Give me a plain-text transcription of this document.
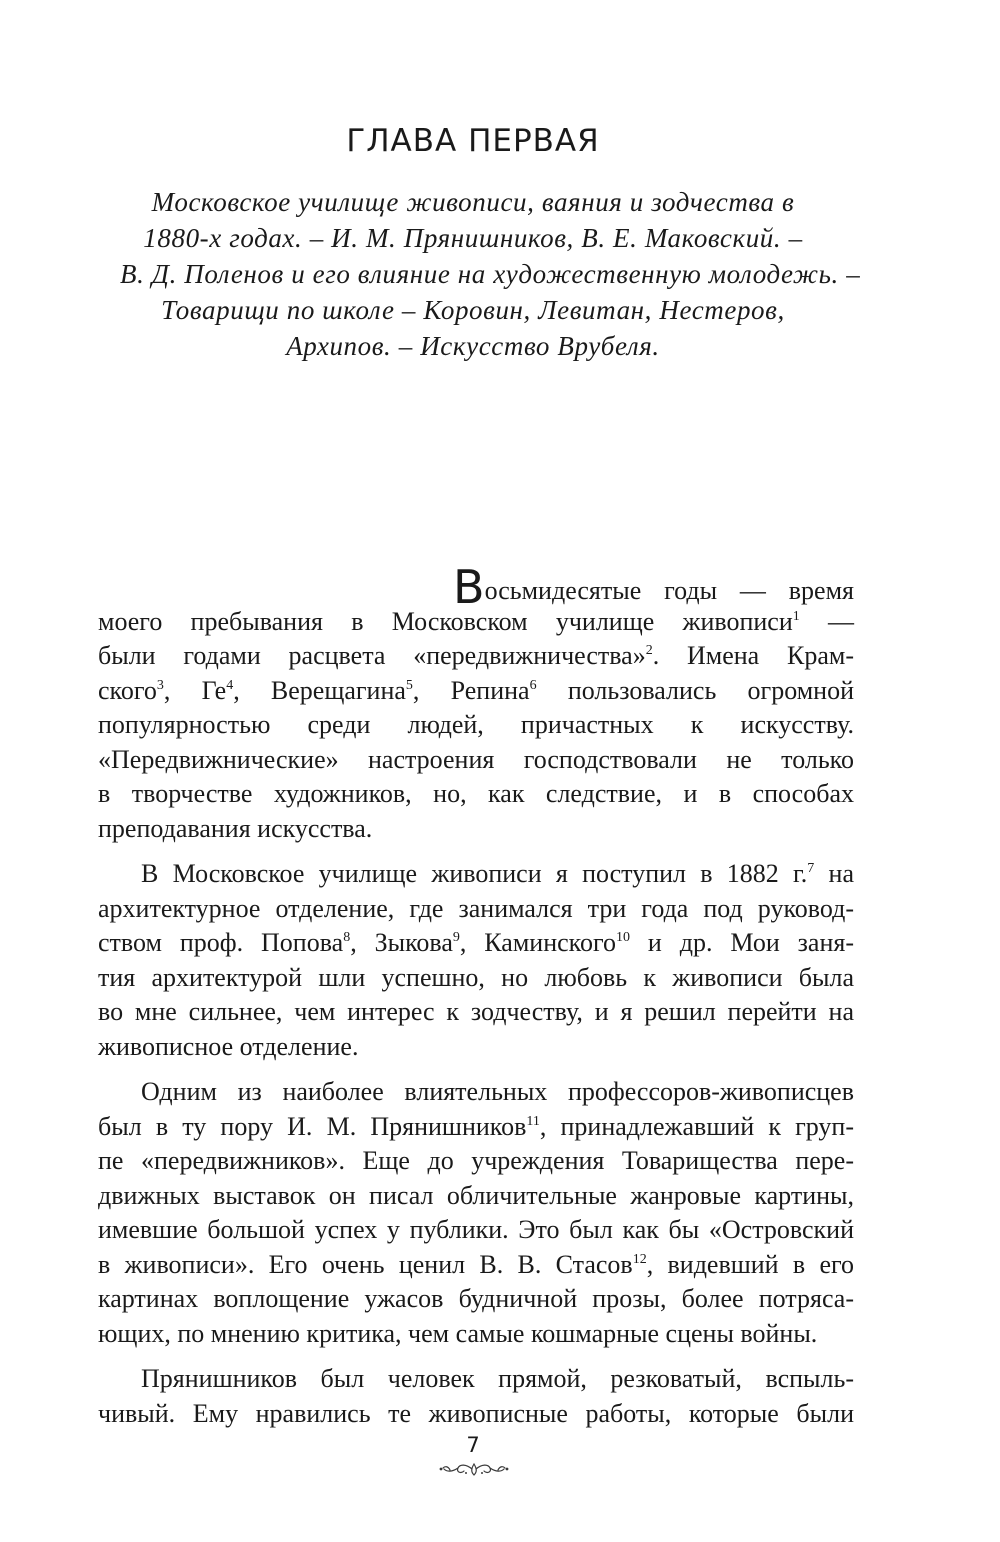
ГЛАВА ПЕРВАЯ
Московское училище живописи, ваяния и зодчества в
1880-х годах. – И. М. Прянишников, В. Е. Маковский. –
В. Д. Поленов и его влияние на художественную молодежь. –
Товарищи по школе – Коровин, Левитан, Нестеров,
Архипов. – Искусство Врубеля.
Восьмидесятые годы — время
моего пребывания в Московском училище живописи$^1$ —
были годами расцвета «передвижничества»$^2$. Имена Крам-
ского$^3$, $Ге^4$, Верещагина$^5$, Репина$^6$ пользовались огромной
популярностью среди людей, причастных к искусству.
«Передвижнические» настроения господствовали не только
в творчестве художников, но, как следствие, и в способах
преподавания искусства.
В Московское училище живописи я поступил в 1882 г.$^7$ на
архитектурное отделение, где занимался три года под руковод-
ством проф. Попова$^8$, Зыкова$^9$, Каминского$^{10}$ и др. Мои заня-
тия архитектурой шли успешно, но любовь к живописи была
во мне сильнее, чем интерес к зодчеству, и я решил перейти на
живописное отделение.
Одним из наиболее влиятельных профессоров-живописцев
был в ту пору И. М. Прянишников$^{11}$, принадлежавший к груп-
пе «передвижников». Еще до учреждения Товарищества пере-
движных выставок он писал обличительные жанровые картины,
имевшие большой успех у публики. Это был как бы «Островский
в живописи». Его очень ценил В. В. Стасов$^{12}$, видевший в его
картинах воплощение ужасов будничной прозы, более потряса-
ющих, по мнению критика, чем самые кошмарные сцены войны.
Прянишников был человек прямой, резковатый, вспыль-
чивый. Ему нравились те живописные работы, которые были
7
